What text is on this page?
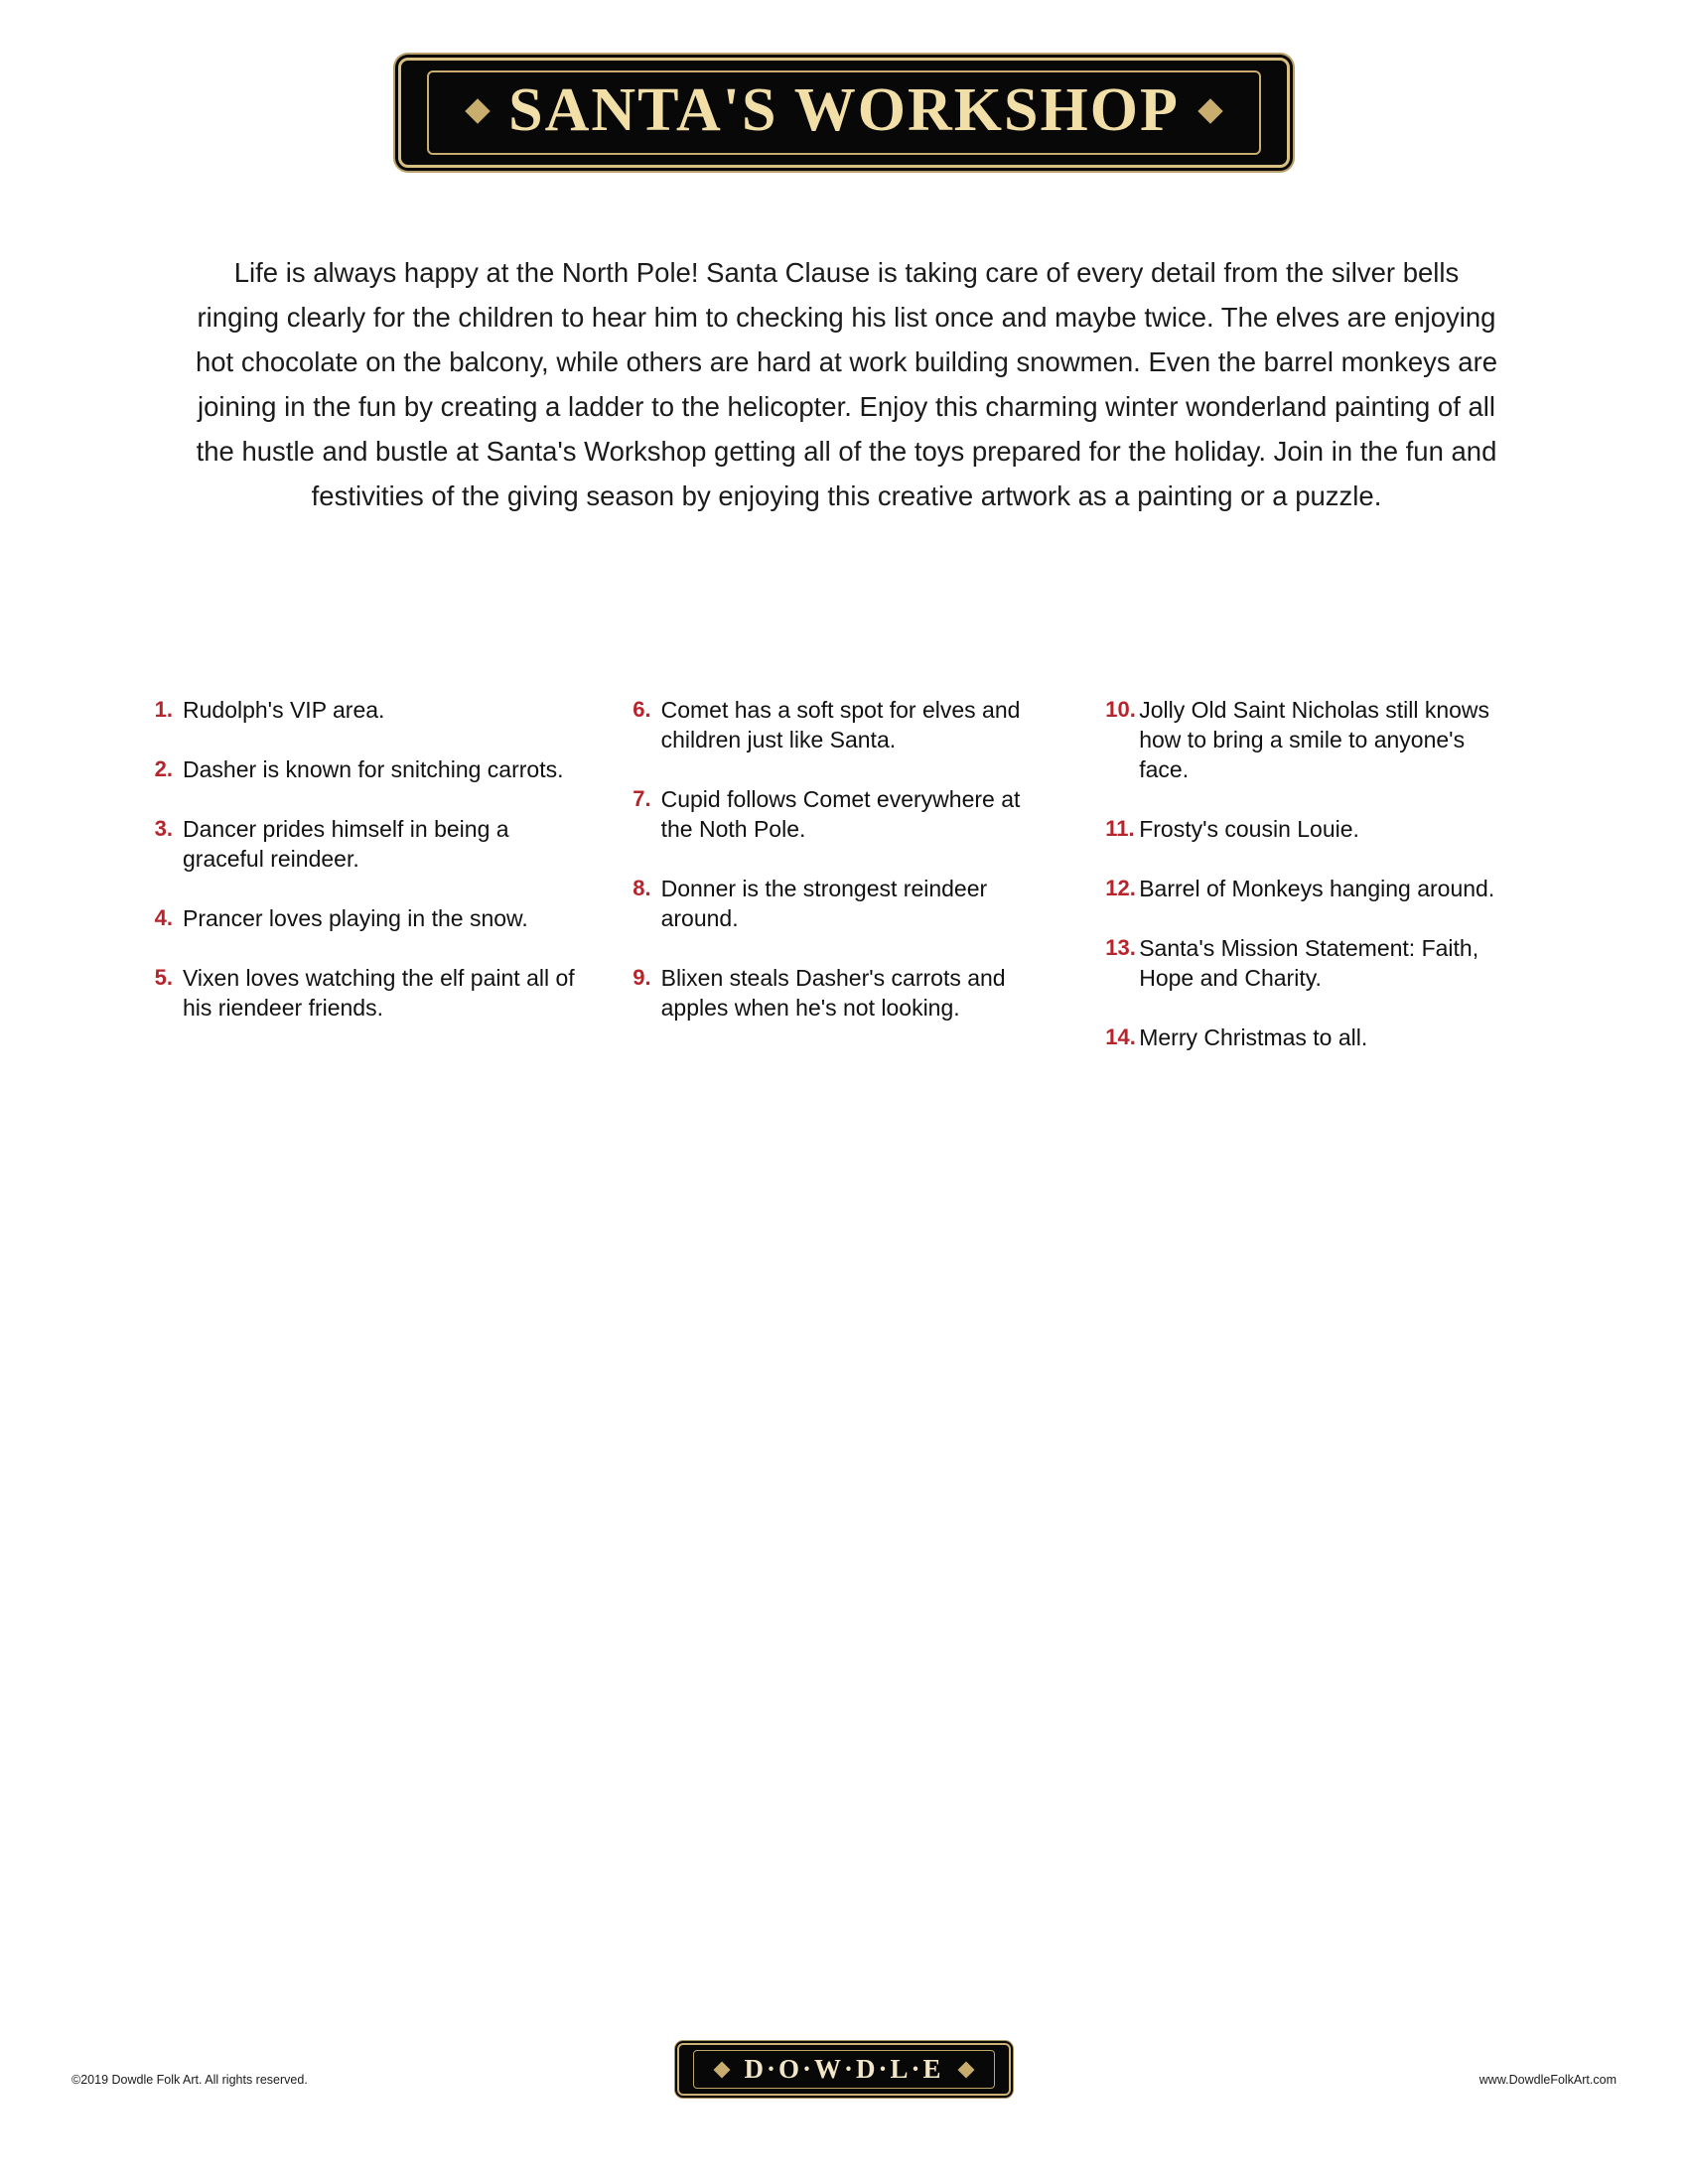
SANTA'S WORKSHOP
Life is always happy at the North Pole! Santa Clause is taking care of every detail from the silver bells ringing clearly for the children to hear him to checking his list once and maybe twice. The elves are enjoying hot chocolate on the balcony, while others are hard at work building snowmen. Even the barrel monkeys are joining in the fun by creating a ladder to the helicopter. Enjoy this charming winter wonderland painting of all the hustle and bustle at Santa's Workshop getting all of the toys prepared for the holiday. Join in the fun and festivities of the giving season by enjoying this creative artwork as a painting or a puzzle.
1. Rudolph's VIP area.
2. Dasher is known for snitching carrots.
3. Dancer prides himself in being a graceful reindeer.
4. Prancer loves playing in the snow.
5. Vixen loves watching the elf paint all of his riendeer friends.
6. Comet has a soft spot for elves and children just like Santa.
7. Cupid follows Comet everywhere at the Noth Pole.
8. Donner is the strongest reindeer around.
9. Blixen steals Dasher's carrots and apples when he's not looking.
10. Jolly Old Saint Nicholas still knows how to bring a smile to anyone's face.
11. Frosty's cousin Louie.
12. Barrel of Monkeys hanging around.
13. Santa's Mission Statement: Faith, Hope and Charity.
14. Merry Christmas to all.
©2019 Dowdle Folk Art. All rights reserved.	D·O·W·D·L·E	www.DowdleFolkArt.com
